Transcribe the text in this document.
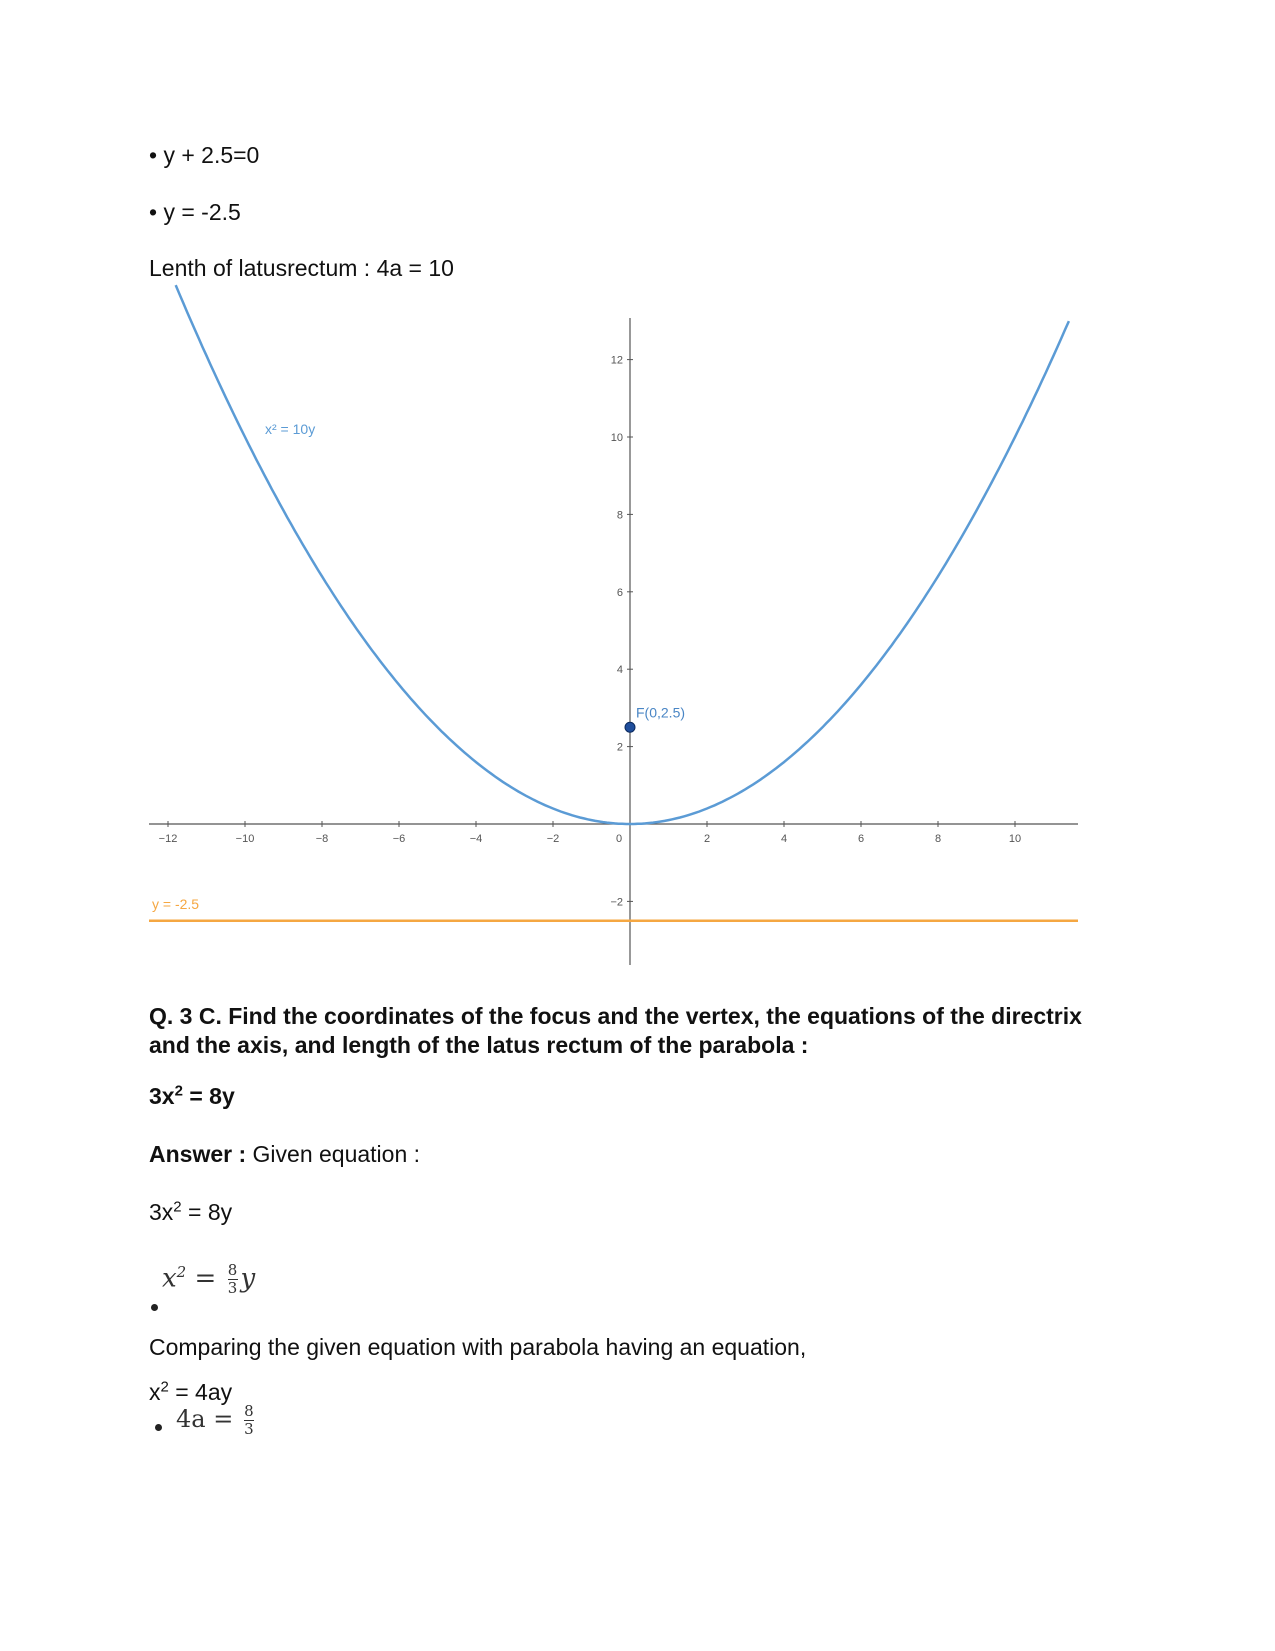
• y + 2.5=0
• y = -2.5
Lenth of latusrectum : 4a = 10
−12	−10	−8	−6	−4	−2	0	2	4	6	8	10
−2
2
4
6
8
10
12
x² = 10y
y = -2.5
F(0,2.5)
Q. 3 C. Find the coordinates of the focus and the vertex, the equations of the directrix and the axis, and length of the latus rectum of the parabola :
$3x^2 = 8y$
Answer : Given equation :
$3x^2 = 8y$
$x^2 = \frac{8}{3}$ y
Comparing the given equation with parabola having an equation,
$x^2 = 4ay$
$4a = \frac{8}{3}$
